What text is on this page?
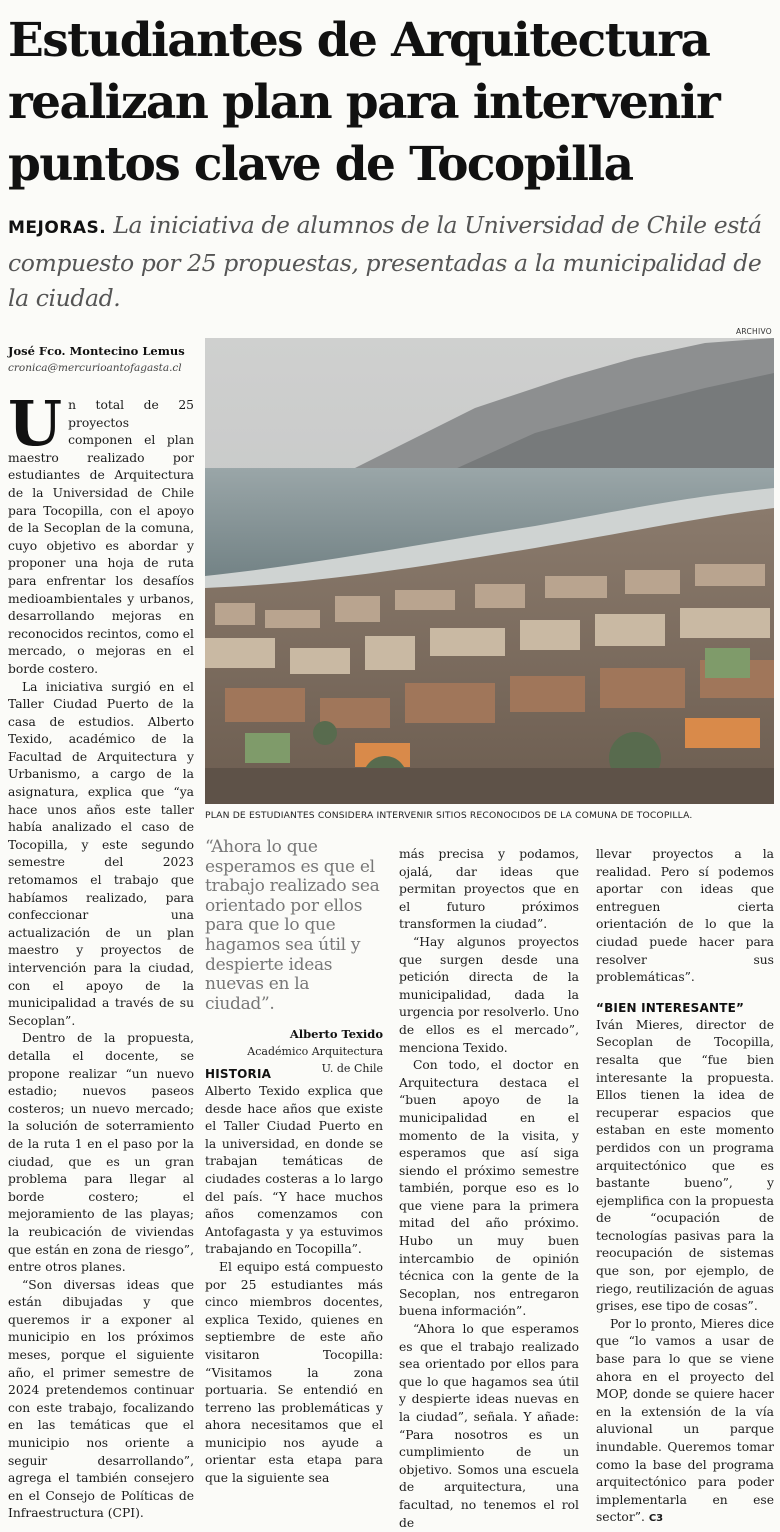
Estudiantes de Arquitectura
realizan plan para intervenir
puntos clave de Tocopilla
MEJORAS. La iniciativa de alumnos de la Universidad de Chile está compuesto por 25 propuestas, presentadas a la municipalidad de la ciudad.
José Fco. Montecino Lemus
cronica@mercurioantofagasta.cl
ARCHIVO
PLAN DE ESTUDIANTES CONSIDERA INTERVENIR SITIOS RECONOCIDOS DE LA COMUNA DE TOCOPILLA.

Un total de 25 proyectos componen el plan maestro realizado por estudiantes de Arquitectura de la Universidad de Chile para Tocopilla, con el apoyo de la Secoplan de la comuna, cuyo objetivo es abordar y proponer una hoja de ruta para enfrentar los desafíos medioambientales y urbanos, desarrollando mejoras en reconocidos recintos, como el mercado, o mejoras en el borde costero.

La iniciativa surgió en el Taller Ciudad Puerto de la casa de estudios. Alberto Texido, académico de la Facultad de Arquitectura y Urbanismo, a cargo de la asignatura, explica que “ya hace unos años este taller había analizado el caso de Tocopilla, y este segundo semestre del 2023 retomamos el trabajo que habíamos realizado, para confeccionar una actualización de un plan maestro y proyectos de intervención para la ciudad, con el apoyo de la municipalidad a través de su Secoplan”.

Dentro de la propuesta, detalla el docente, se propone realizar “un nuevo estadio; nuevos paseos costeros; un nuevo mercado; la solución de soterramiento de la ruta 1 en el paso por la ciudad, que es un gran problema para llegar al borde costero; el mejoramiento de las playas; la reubicación de viviendas que están en zona de riesgo”, entre otros planes.

“Son diversas ideas que están dibujadas y que queremos ir a exponer al municipio en los próximos meses, porque el siguiente año, el primer semestre de 2024 pretendemos continuar con este trabajo, focalizando en las temáticas que el municipio nos oriente a seguir desarrollando”, agrega el también consejero en el Consejo de Políticas de Infraestructura (CPI).

“Ahora lo que esperamos es que el trabajo realizado sea orientado por ellos para que lo que hagamos sea útil y despierte ideas nuevas en la ciudad”.
Alberto Texido
Académico Arquitectura
U. de Chile
HISTORIA

Alberto Texido explica que desde hace años que existe el Taller Ciudad Puerto en la universidad, en donde se trabajan temáticas de ciudades costeras a lo largo del país. “Y hace muchos años comenzamos con Antofagasta y ya estuvimos trabajando en Tocopilla”.

El equipo está compuesto por 25 estudiantes más cinco miembros docentes, explica Texido, quienes en septiembre de este año visitaron Tocopilla: “Visitamos la zona portuaria. Se entendió en terreno las problemáticas y ahora necesitamos que el municipio nos ayude a orientar esta etapa para que la siguiente sea

más precisa y podamos, ojalá, dar ideas que permitan proyectos que en el futuro próximos transformen la ciudad”.

“Hay algunos proyectos que surgen desde una petición directa de la municipalidad, dada la urgencia por resolverlo. Uno de ellos es el mercado”, menciona Texido.

Con todo, el doctor en Arquitectura destaca el “buen apoyo de la municipalidad en el momento de la visita, y esperamos que así siga siendo el próximo semestre también, porque eso es lo que viene para la primera mitad del año próximo. Hubo un muy buen intercambio de opinión técnica con la gente de la Secoplan, nos entregaron buena información”.

“Ahora lo que esperamos es que el trabajo realizado sea orientado por ellos para que lo que hagamos sea útil y despierte ideas nuevas en la ciudad”, señala. Y añade: “Para nosotros es un cumplimiento de un objetivo. Somos una escuela de arquitectura, una facultad, no tenemos el rol de

llevar proyectos a la realidad. Pero sí podemos aportar con ideas que entreguen cierta orientación de lo que la ciudad puede hacer para resolver sus problemáticas”.

“BIEN INTERESANTE”

Iván Mieres, director de Secoplan de Tocopilla, resalta que “fue bien interesante la propuesta. Ellos tienen la idea de recuperar espacios que estaban en este momento perdidos con un programa arquitectónico que es bastante bueno”, y ejemplifica con la propuesta de “ocupación de tecnologías pasivas para la reocupación de sistemas que son, por ejemplo, de riego, reutilización de aguas grises, ese tipo de cosas”.

Por lo pronto, Mieres dice que “lo vamos a usar de base para lo que se viene ahora en el proyecto del MOP, donde se quiere hacer en la extensión de la vía aluvional un parque inundable. Queremos tomar como la base del programa arquitectónico para poder implementarla en ese sector”. C3
